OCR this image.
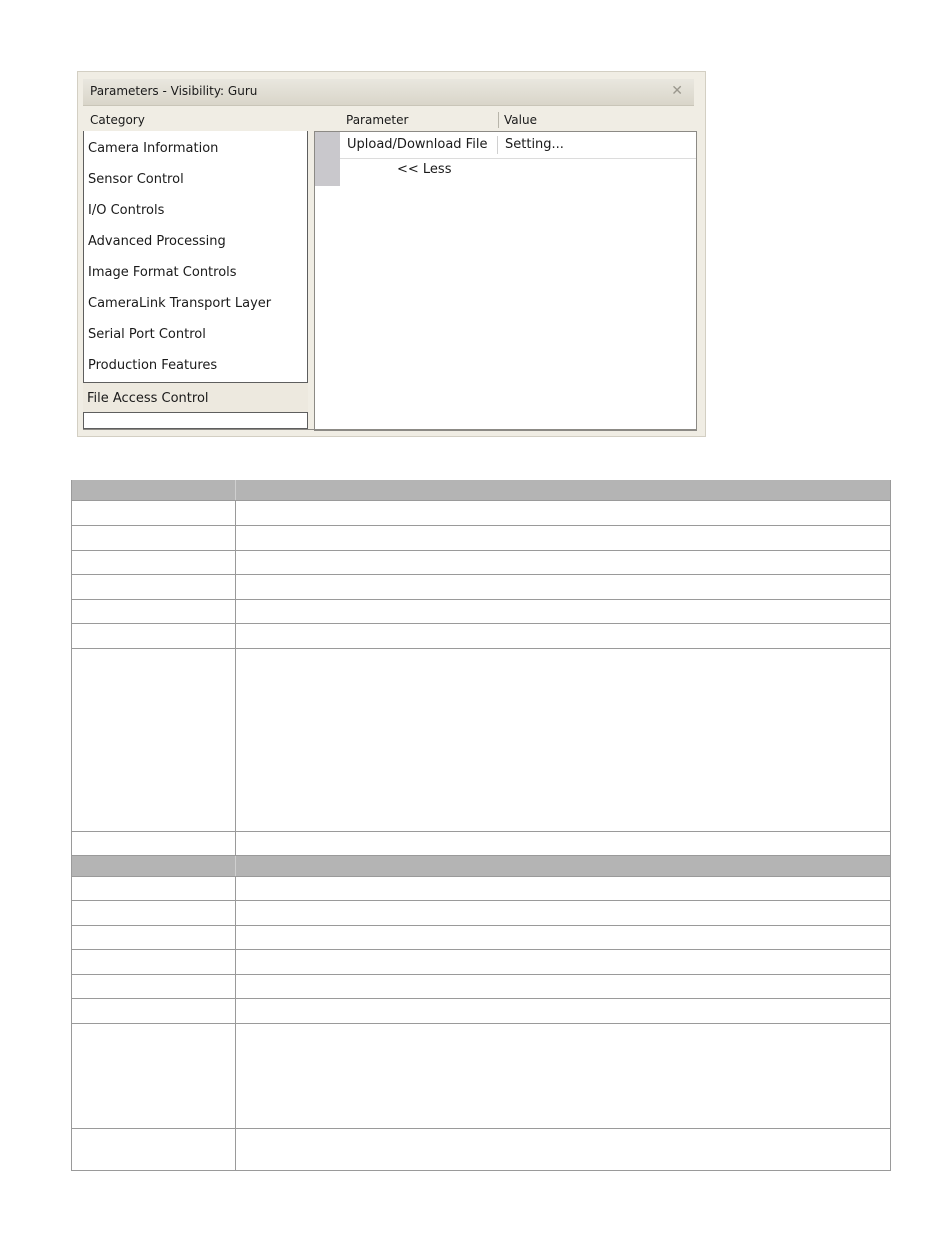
Parameters - Visibility: Guru	✕
Category	Parameter	Value
Camera Information
Sensor Control
I/O Controls
Advanced Processing
Image Format Controls
CameraLink Transport Layer
Serial Port Control
Production Features
File Access Control
Upload/Download File Setting...
<< Less
